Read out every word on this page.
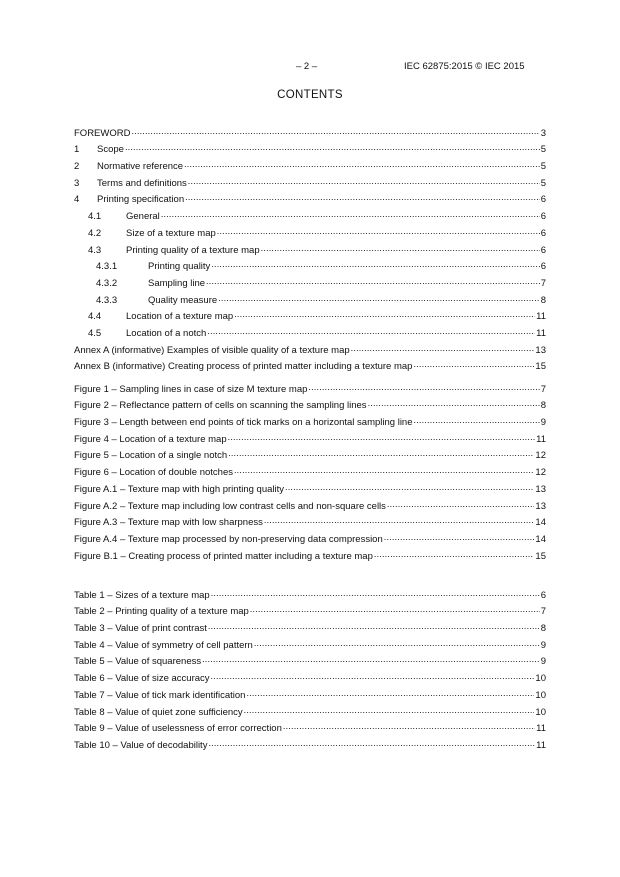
– 2 –	IEC 62875:2015 © IEC 2015
CONTENTS
FOREWORD .....	3
1	Scope .....	5
2	Normative reference .....	5
3	Terms and definitions .....	5
4	Printing specification .....	6
4.1	General .....	6
4.2	Size of a texture map .....	6
4.3	Printing quality of a texture map .....	6
4.3.1	Printing quality .....	6
4.3.2	Sampling line .....	7
4.3.3	Quality measure .....	8
4.4	Location of a texture map .....	11
4.5	Location of a notch .....	11
Annex A (informative) Examples of visible quality of a texture map .....	13
Annex B (informative) Creating process of printed matter including a texture map .....	15
Figure 1 – Sampling lines in case of size M texture map .....	7
Figure 2 – Reflectance pattern of cells on scanning the sampling lines .....	8
Figure 3 – Length between end points of tick marks on a horizontal sampling line .....	9
Figure 4 – Location of a texture map .....	11
Figure 5 – Location of a single notch .....	12
Figure 6 – Location of double notches .....	12
Figure A.1 – Texture map with high printing quality .....	13
Figure A.2 – Texture map including low contrast cells and non-square cells .....	13
Figure A.3 – Texture map with low sharpness .....	14
Figure A.4 – Texture map processed by non-preserving data compression .....	14
Figure B.1 – Creating process of printed matter including a texture map .....	15
Table 1 – Sizes of a texture map .....	6
Table 2 – Printing quality of a texture map .....	7
Table 3 – Value of print contrast .....	8
Table 4 – Value of symmetry of cell pattern .....	9
Table 5 – Value of squareness .....	9
Table 6 – Value of size accuracy .....	10
Table 7 – Value of tick mark identification .....	10
Table 8 – Value of quiet zone sufficiency .....	10
Table 9 – Value of uselessness of error correction .....	11
Table 10 – Value of decodability .....	11
